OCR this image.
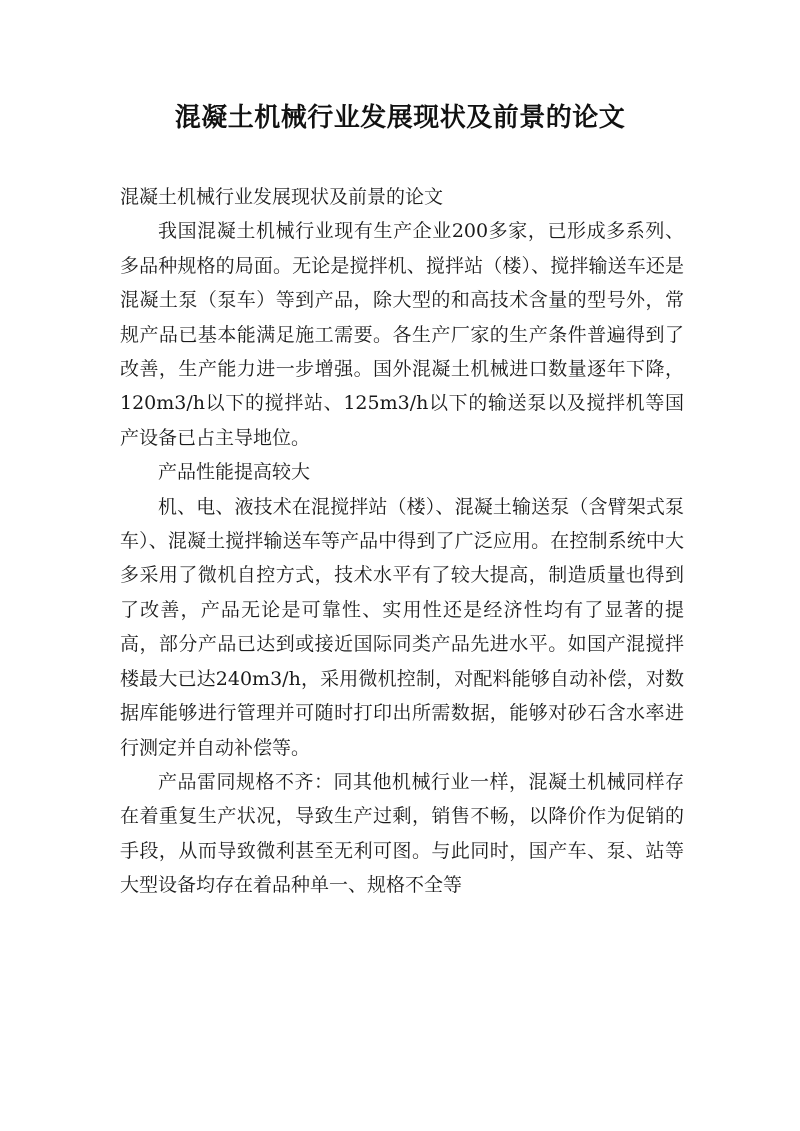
混凝土机械行业发展现状及前景的论文

混凝土机械行业发展现状及前景的论文

我国混凝土机械行业现有生产企业200多家，已形成多系列、多品种规格的局面。无论是搅拌机、搅拌站（楼）、搅拌输送车还是混凝土泵（泵车）等到产品，除大型的和高技术含量的型号外，常规产品已基本能满足施工需要。各生产厂家的生产条件普遍得到了改善，生产能力进一步增强。国外混凝土机械进口数量逐年下降，120m3/h以下的搅拌站、125m3/h以下的输送泵以及搅拌机等国产设备已占主导地位。

产品性能提高较大

机、电、液技术在混搅拌站（楼）、混凝土输送泵（含臂架式泵车）、混凝土搅拌输送车等产品中得到了广泛应用。在控制系统中大多采用了微机自控方式，技术水平有了较大提高，制造质量也得到了改善，产品无论是可靠性、实用性还是经济性均有了显著的提高，部分产品已达到或接近国际同类产品先进水平。如国产混搅拌楼最大已达240m3/h，采用微机控制，对配料能够自动补偿，对数据库能够进行管理并可随时打印出所需数据，能够对砂石含水率进行测定并自动补偿等。

产品雷同规格不齐：同其他机械行业一样，混凝土机械同样存在着重复生产状况，导致生产过剩，销售不畅，以降价作为促销的手段，从而导致微利甚至无利可图。与此同时，国产车、泵、站等大型设备均存在着品种单一、规格不全等
